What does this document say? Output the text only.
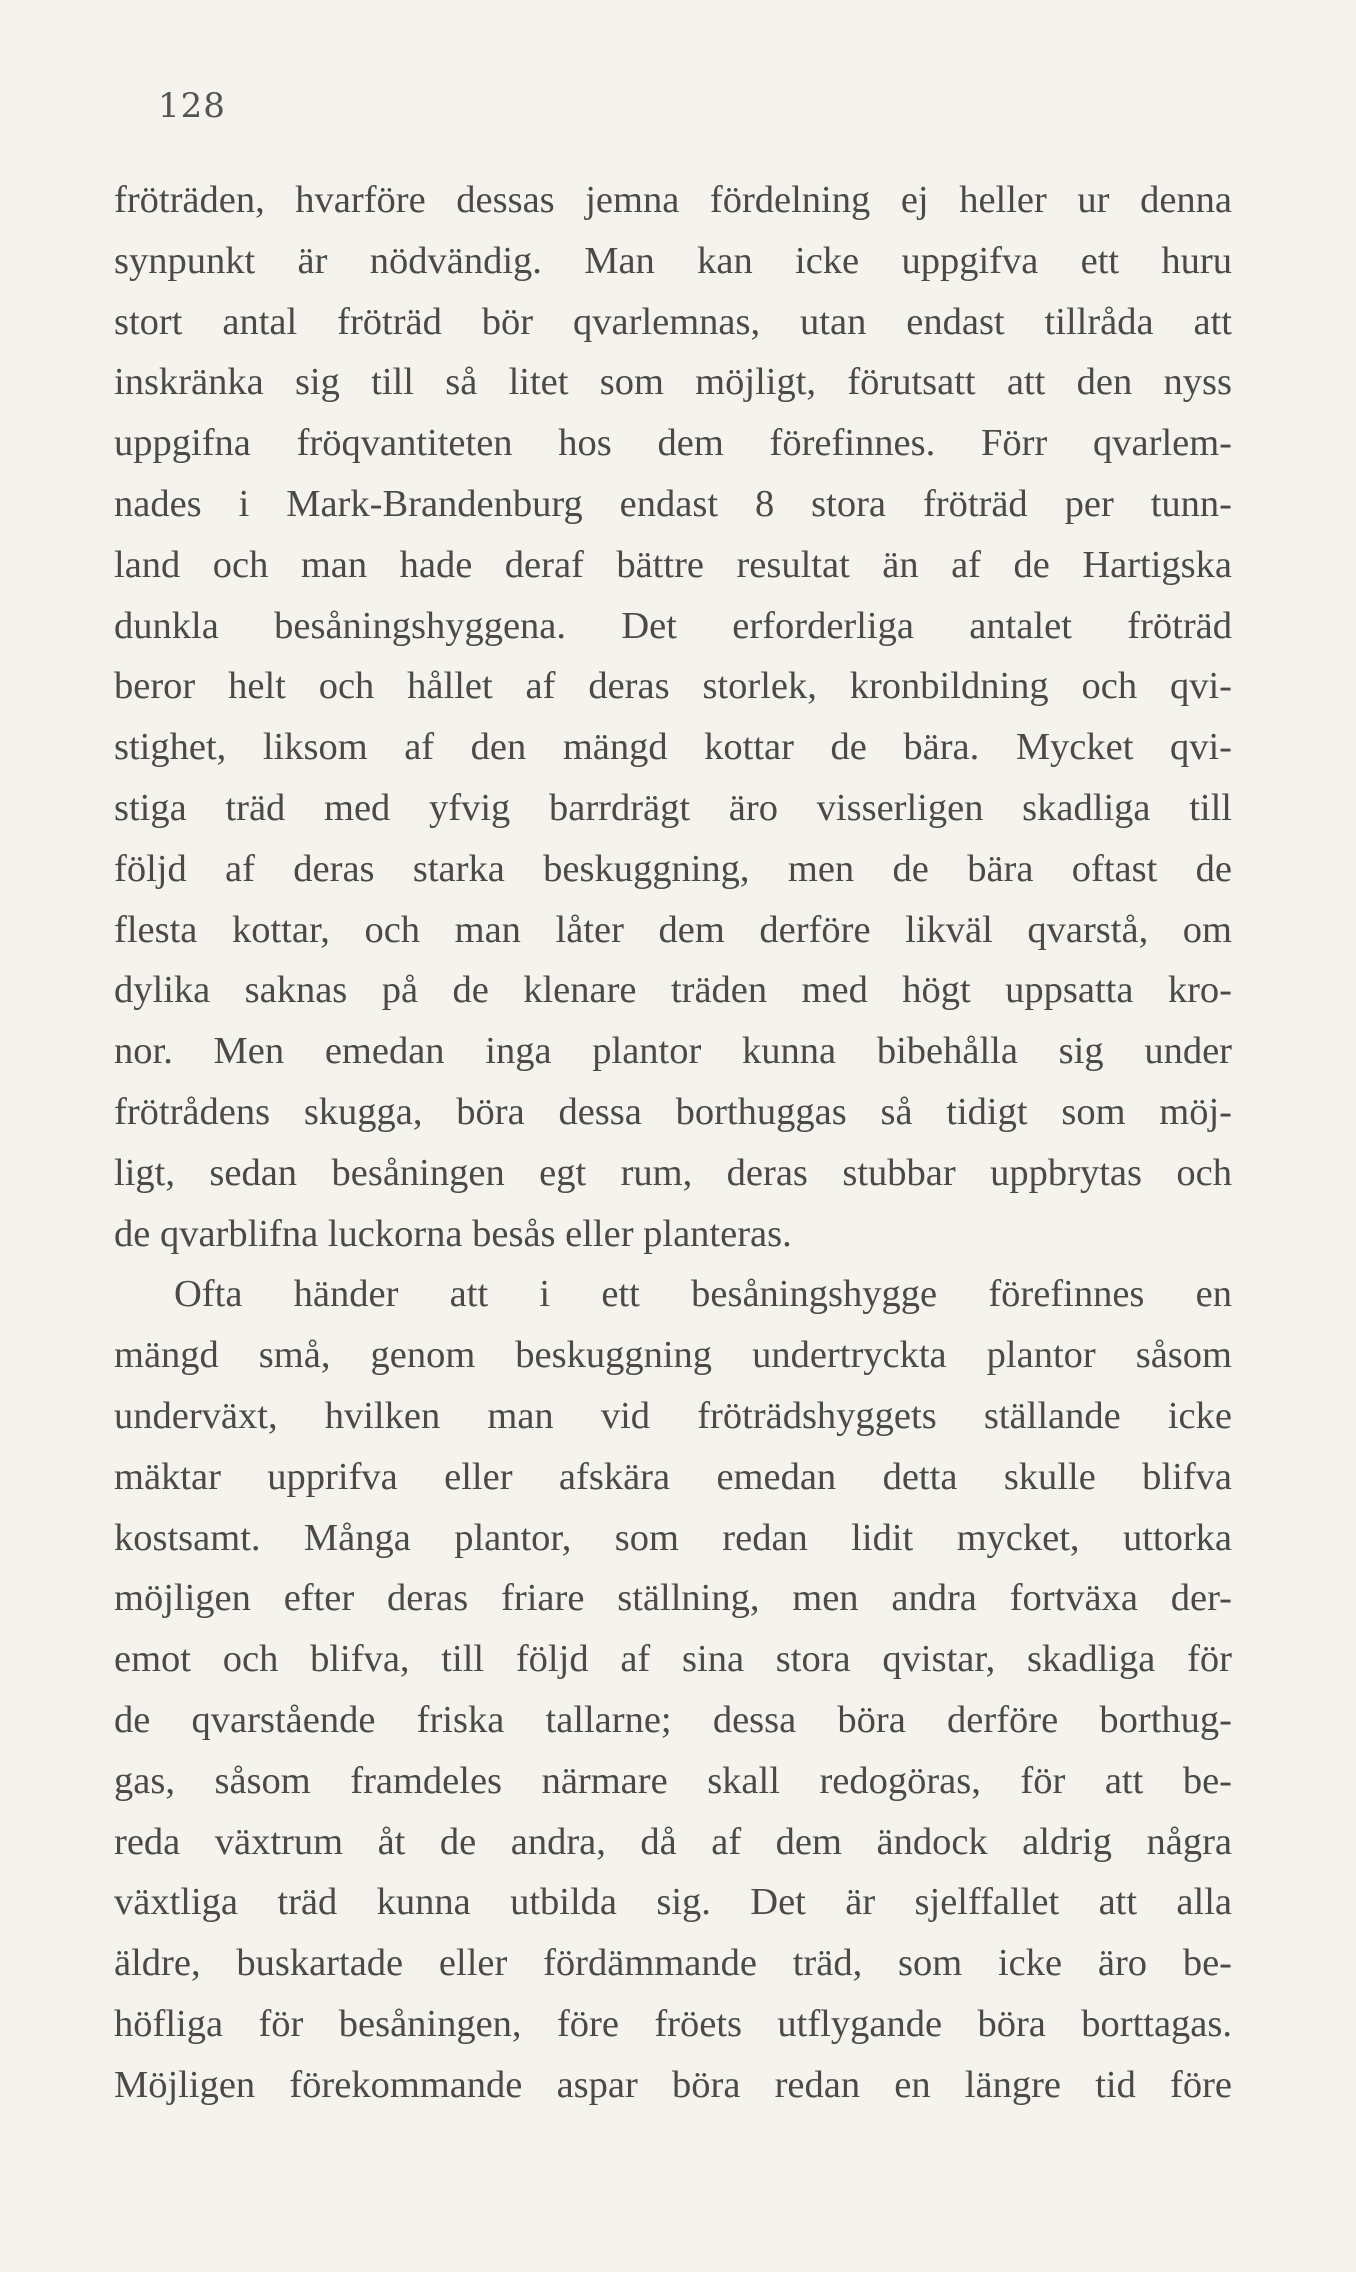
128
fröträden, hvarföre dessas jemna fördelning ej heller ur denna
synpunkt är nödvändig. Man kan icke uppgifva ett huru
stort antal fröträd bör qvarlemnas, utan endast tillråda att
inskränka sig till så litet som möjligt, förutsatt att den nyss
uppgifna fröqvantiteten hos dem förefinnes. Förr qvarlem-
nades i Mark-Brandenburg endast 8 stora fröträd per tunn-
land och man hade deraf bättre resultat än af de Hartigska
dunkla besåningshyggena. Det erforderliga antalet fröträd
beror helt och hållet af deras storlek, kronbildning och qvi-
stighet, liksom af den mängd kottar de bära. Mycket qvi-
stiga träd med yfvig barrdrägt äro visserligen skadliga till
följd af deras starka beskuggning, men de bära oftast de
flesta kottar, och man låter dem derföre likväl qvarstå, om
dylika saknas på de klenare träden med högt uppsatta kro-
nor. Men emedan inga plantor kunna bibehålla sig under
frötrådens skugga, böra dessa borthuggas så tidigt som möj-
ligt, sedan besåningen egt rum, deras stubbar uppbrytas och
de qvarblifna luckorna besås eller planteras.
Ofta händer att i ett besåningshygge förefinnes en
mängd små, genom beskuggning undertryckta plantor såsom
underväxt, hvilken man vid fröträdshyggets ställande icke
mäktar upprifva eller afskära emedan detta skulle blifva
kostsamt. Många plantor, som redan lidit mycket, uttorka
möjligen efter deras friare ställning, men andra fortväxa der-
emot och blifva, till följd af sina stora qvistar, skadliga för
de qvarstående friska tallarne; dessa böra derföre borthug-
gas, såsom framdeles närmare skall redogöras, för att be-
reda växtrum åt de andra, då af dem ändock aldrig några
växtliga träd kunna utbilda sig. Det är sjelffallet att alla
äldre, buskartade eller fördämmande träd, som icke äro be-
höfliga för besåningen, före fröets utflygande böra borttagas.
Möjligen förekommande aspar böra redan en längre tid före
